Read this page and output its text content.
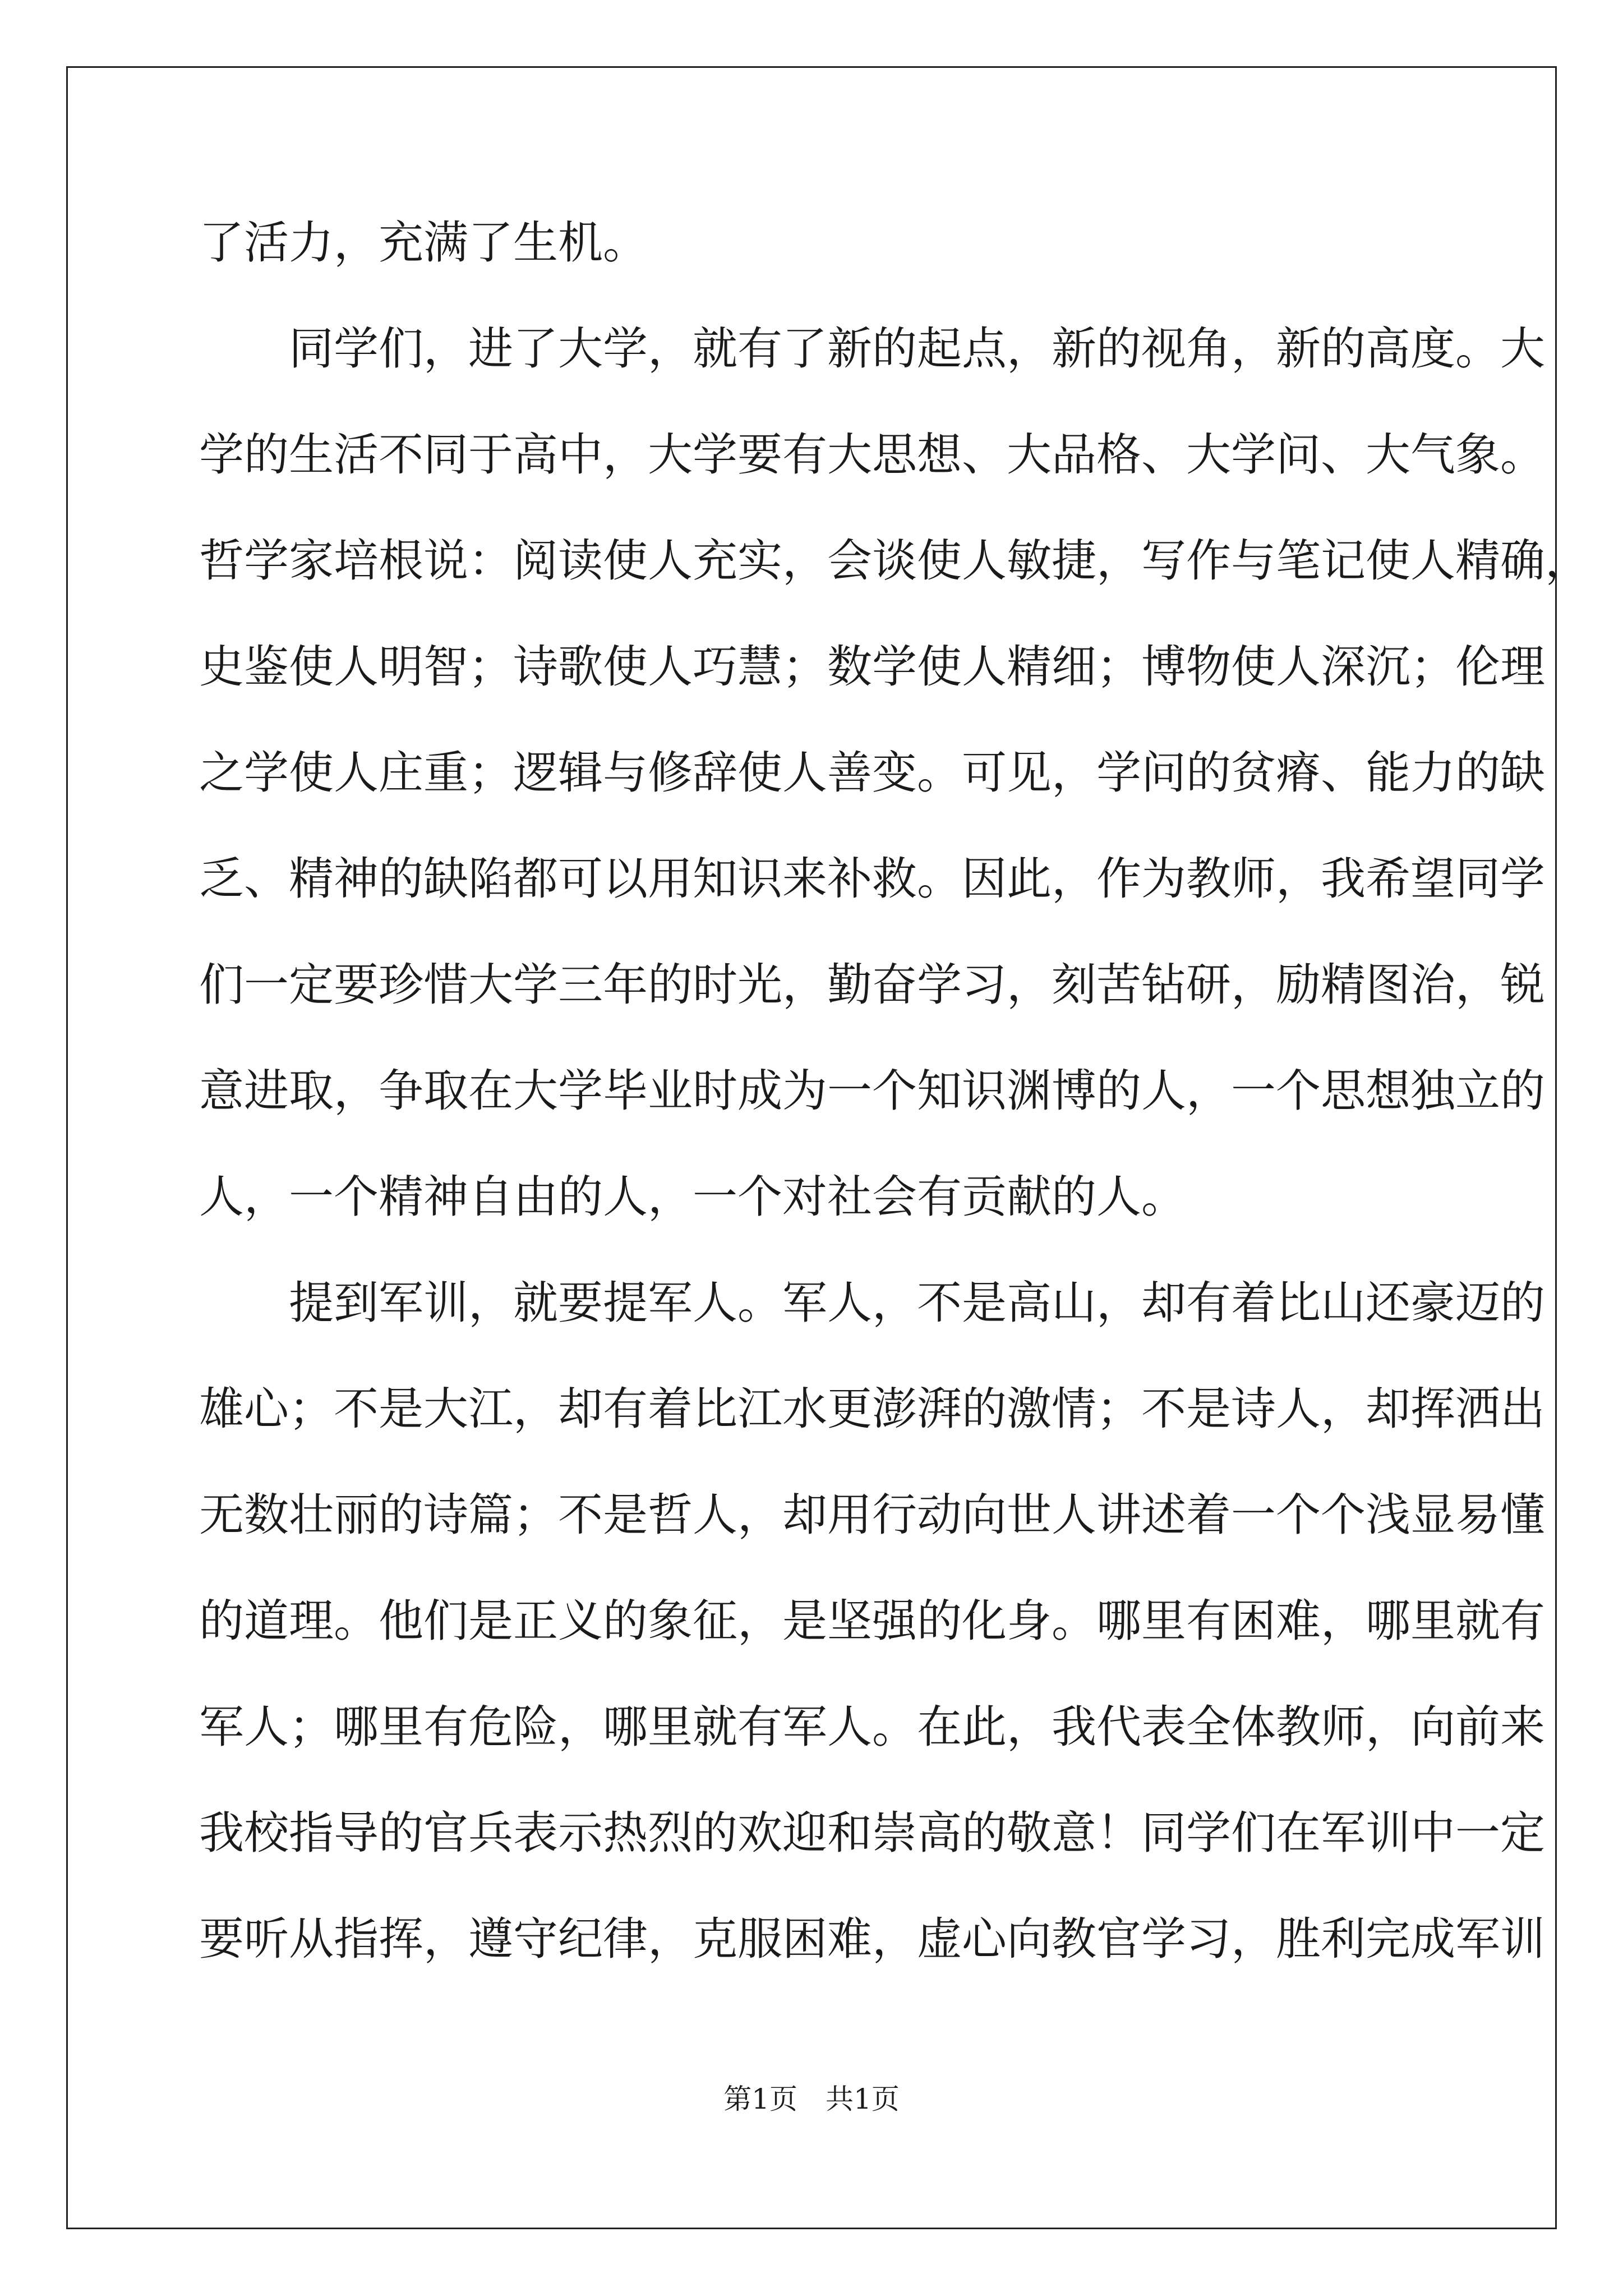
了活力，充满了生机。
同学们，进了大学，就有了新的起点，新的视角，新的高度。大
学的生活不同于高中，大学要有大思想、大品格、大学问、大气象。
哲学家培根说：阅读使人充实，会谈使人敏捷，写作与笔记使人精确，
史鉴使人明智；诗歌使人巧慧；数学使人精细；博物使人深沉；伦理
之学使人庄重；逻辑与修辞使人善变。可见，学问的贫瘠、能力的缺
乏、精神的缺陷都可以用知识来补救。因此，作为教师，我希望同学
们一定要珍惜大学三年的时光，勤奋学习，刻苦钻研，励精图治，锐
意进取，争取在大学毕业时成为一个知识渊博的人，一个思想独立的
人，一个精神自由的人，一个对社会有贡献的人。
提到军训，就要提军人。军人，不是高山，却有着比山还豪迈的
雄心；不是大江，却有着比江水更澎湃的激情；不是诗人，却挥洒出
无数壮丽的诗篇；不是哲人，却用行动向世人讲述着一个个浅显易懂
的道理。他们是正义的象征，是坚强的化身。哪里有困难，哪里就有
军人；哪里有危险，哪里就有军人。在此，我代表全体教师，向前来
我校指导的官兵表示热烈的欢迎和崇高的敬意！同学们在军训中一定
要听从指挥，遵守纪律，克服困难，虚心向教官学习，胜利完成军训
第1页　共1页
